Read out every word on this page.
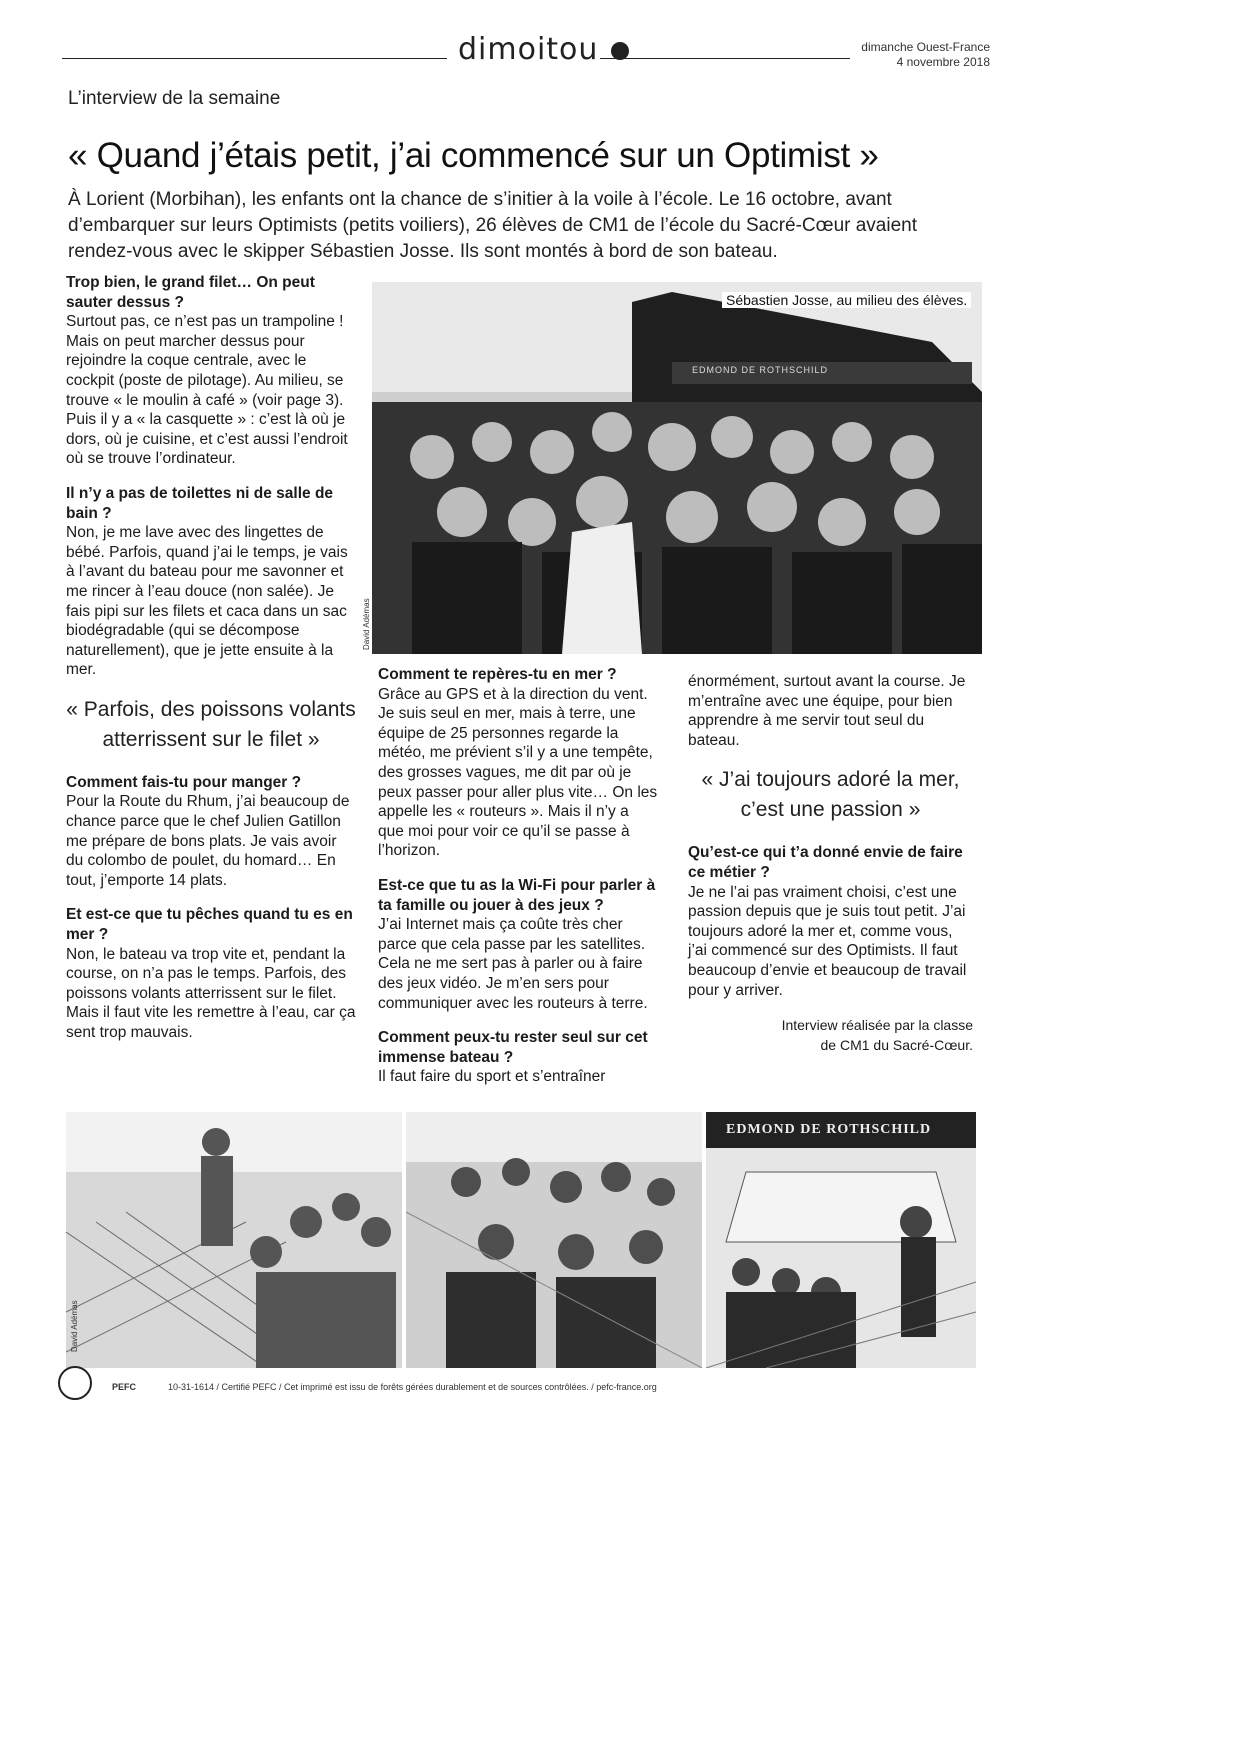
dimoitou	dimanche Ouest-France
4 novembre 2018
L’interview de la semaine
« Quand j’étais petit, j’ai commencé sur un Optimist »
À Lorient (Morbihan), les enfants ont la chance de s’initier à la voile à l’école. Le 16 octobre, avant d’embarquer sur leurs Optimists (petits voiliers), 26 élèves de CM1 de l’école du Sacré-Cœur avaient rendez-vous avec le skipper Sébastien Josse. Ils sont montés à bord de son bateau.
EDMOND DE ROTHSCHILD
Sébastien Josse, au milieu des élèves.
David Adémas

Trop bien, le grand filet… On peut sauter dessus ?
Surtout pas, ce n’est pas un trampoline ! Mais on peut marcher dessus pour rejoindre la coque centrale, avec le cockpit (poste de pilotage). Au milieu, se trouve « le moulin à café » (voir page 3). Puis il y a « la casquette » : c’est là où je dors, où je cuisine, et c’est aussi l’endroit où se trouve l’ordinateur.

Il n’y a pas de toilettes ni de salle de bain ?
Non, je me lave avec des lingettes de bébé. Parfois, quand j’ai le temps, je vais à l’avant du bateau pour me savonner et me rincer à l’eau douce (non salée). Je fais pipi sur les filets et caca dans un sac biodégradable (qui se décompose naturellement), que je jette ensuite à la mer.

« Parfois, des poissons volants atterrissent sur le filet »

Comment fais-tu pour manger ?
Pour la Route du Rhum, j’ai beaucoup de chance parce que le chef Julien Gatillon me prépare de bons plats. Je vais avoir du colombo de poulet, du homard… En tout, j’emporte 14 plats.

Et est-ce que tu pêches quand tu es en mer ?
Non, le bateau va trop vite et, pendant la course, on n’a pas le temps. Parfois, des poissons volants atterrissent sur le filet. Mais il faut vite les remettre à l’eau, car ça sent trop mauvais.

Comment te repères-tu en mer ?
Grâce au GPS et à la direction du vent. Je suis seul en mer, mais à terre, une équipe de 25 personnes regarde la météo, me prévient s’il y a une tempête, des grosses vagues, me dit par où je peux passer pour aller plus vite… On les appelle les « routeurs ». Mais il n’y a que moi pour voir ce qu’il se passe à l’horizon.

Est-ce que tu as la Wi-Fi pour parler à ta famille ou jouer à des jeux ?
J’ai Internet mais ça coûte très cher parce que cela passe par les satellites. Cela ne me sert pas à parler ou à faire des jeux vidéo. Je m’en sers pour communiquer avec les routeurs à terre.

Comment peux-tu rester seul sur cet immense bateau ?
Il faut faire du sport et s’entraîner

énormément, surtout avant la course. Je m’entraîne avec une équipe, pour bien apprendre à me servir tout seul du bateau.

« J’ai toujours adoré la mer, c’est une passion »

Qu’est-ce qui t’a donné envie de faire ce métier ?
Je ne l’ai pas vraiment choisi, c’est une passion depuis que je suis tout petit. J’ai toujours adoré la mer et, comme vous, j’ai commencé sur des Optimists. Il faut beaucoup d’envie et beaucoup de travail pour y arriver.

Interview réalisée par la classe de CM1 du Sacré-Cœur.
David Adémas
EDMOND DE ROTHSCHILD
PEFC	10-31-1614 / Certifié PEFC / Cet imprimé est issu de forêts gérées durablement et de sources contrôlées. / pefc-france.org
